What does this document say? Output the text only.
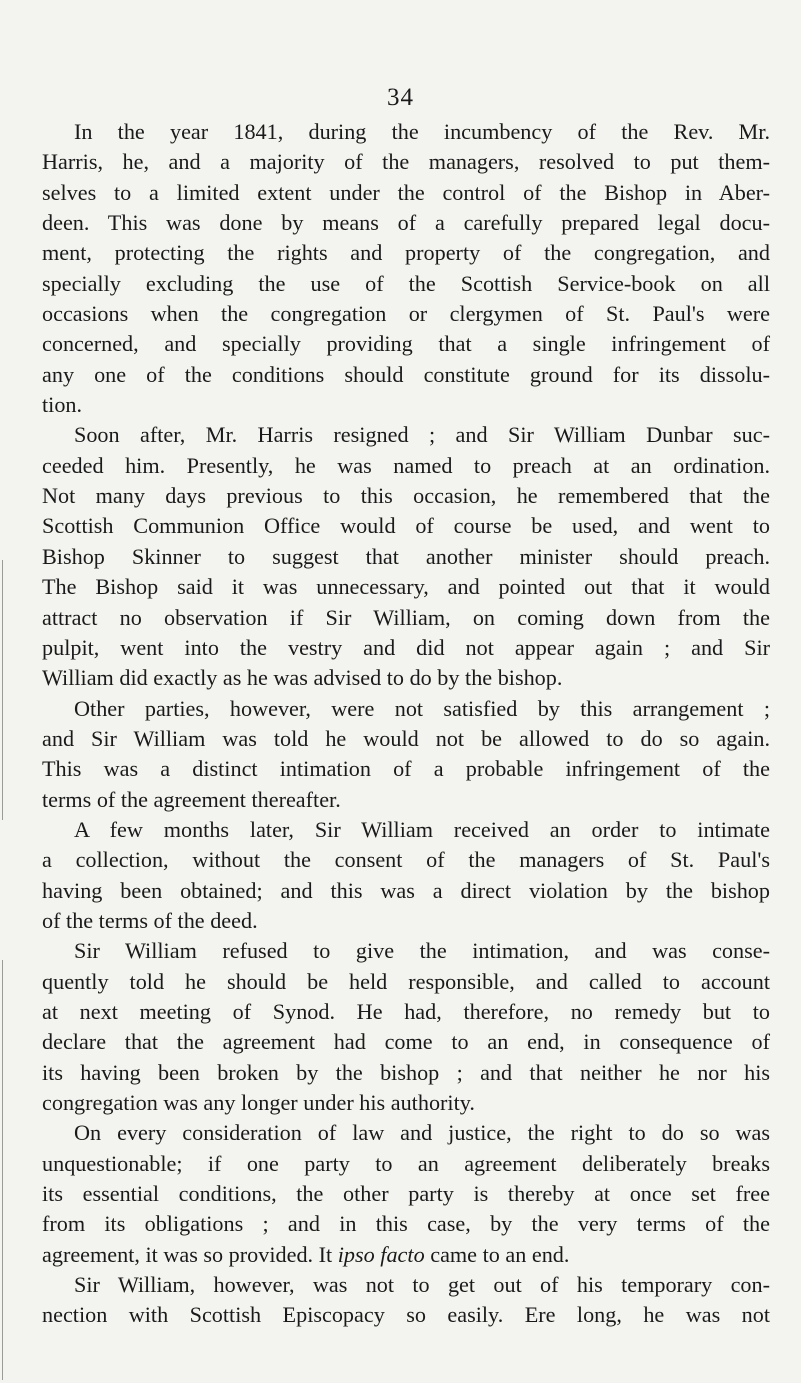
34
In the year 1841, during the incumbency of the Rev. Mr.
Harris, he, and a majority of the managers, resolved to put them-
selves to a limited extent under the control of the Bishop in Aber-
deen. This was done by means of a carefully prepared legal docu-
ment, protecting the rights and property of the congregation, and
specially excluding the use of the Scottish Service-book on all
occasions when the congregation or clergymen of St. Paul's were
concerned, and specially providing that a single infringement of
any one of the conditions should constitute ground for its dissolu-
tion.
Soon after, Mr. Harris resigned ; and Sir William Dunbar suc-
ceeded him. Presently, he was named to preach at an ordination.
Not many days previous to this occasion, he remembered that the
Scottish Communion Office would of course be used, and went to
Bishop Skinner to suggest that another minister should preach.
The Bishop said it was unnecessary, and pointed out that it would
attract no observation if Sir William, on coming down from the
pulpit, went into the vestry and did not appear again ; and Sir
William did exactly as he was advised to do by the bishop.
Other parties, however, were not satisfied by this arrangement ;
and Sir William was told he would not be allowed to do so again.
This was a distinct intimation of a probable infringement of the
terms of the agreement thereafter.
A few months later, Sir William received an order to intimate
a collection, without the consent of the managers of St. Paul's
having been obtained; and this was a direct violation by the bishop
of the terms of the deed.
Sir William refused to give the intimation, and was conse-
quently told he should be held responsible, and called to account
at next meeting of Synod. He had, therefore, no remedy but to
declare that the agreement had come to an end, in consequence of
its having been broken by the bishop ; and that neither he nor his
congregation was any longer under his authority.
On every consideration of law and justice, the right to do so was
unquestionable; if one party to an agreement deliberately breaks
its essential conditions, the other party is thereby at once set free
from its obligations ; and in this case, by the very terms of the
agreement, it was so provided. It ipso facto came to an end.
Sir William, however, was not to get out of his temporary con-
nection with Scottish Episcopacy so easily. Ere long, he was not
